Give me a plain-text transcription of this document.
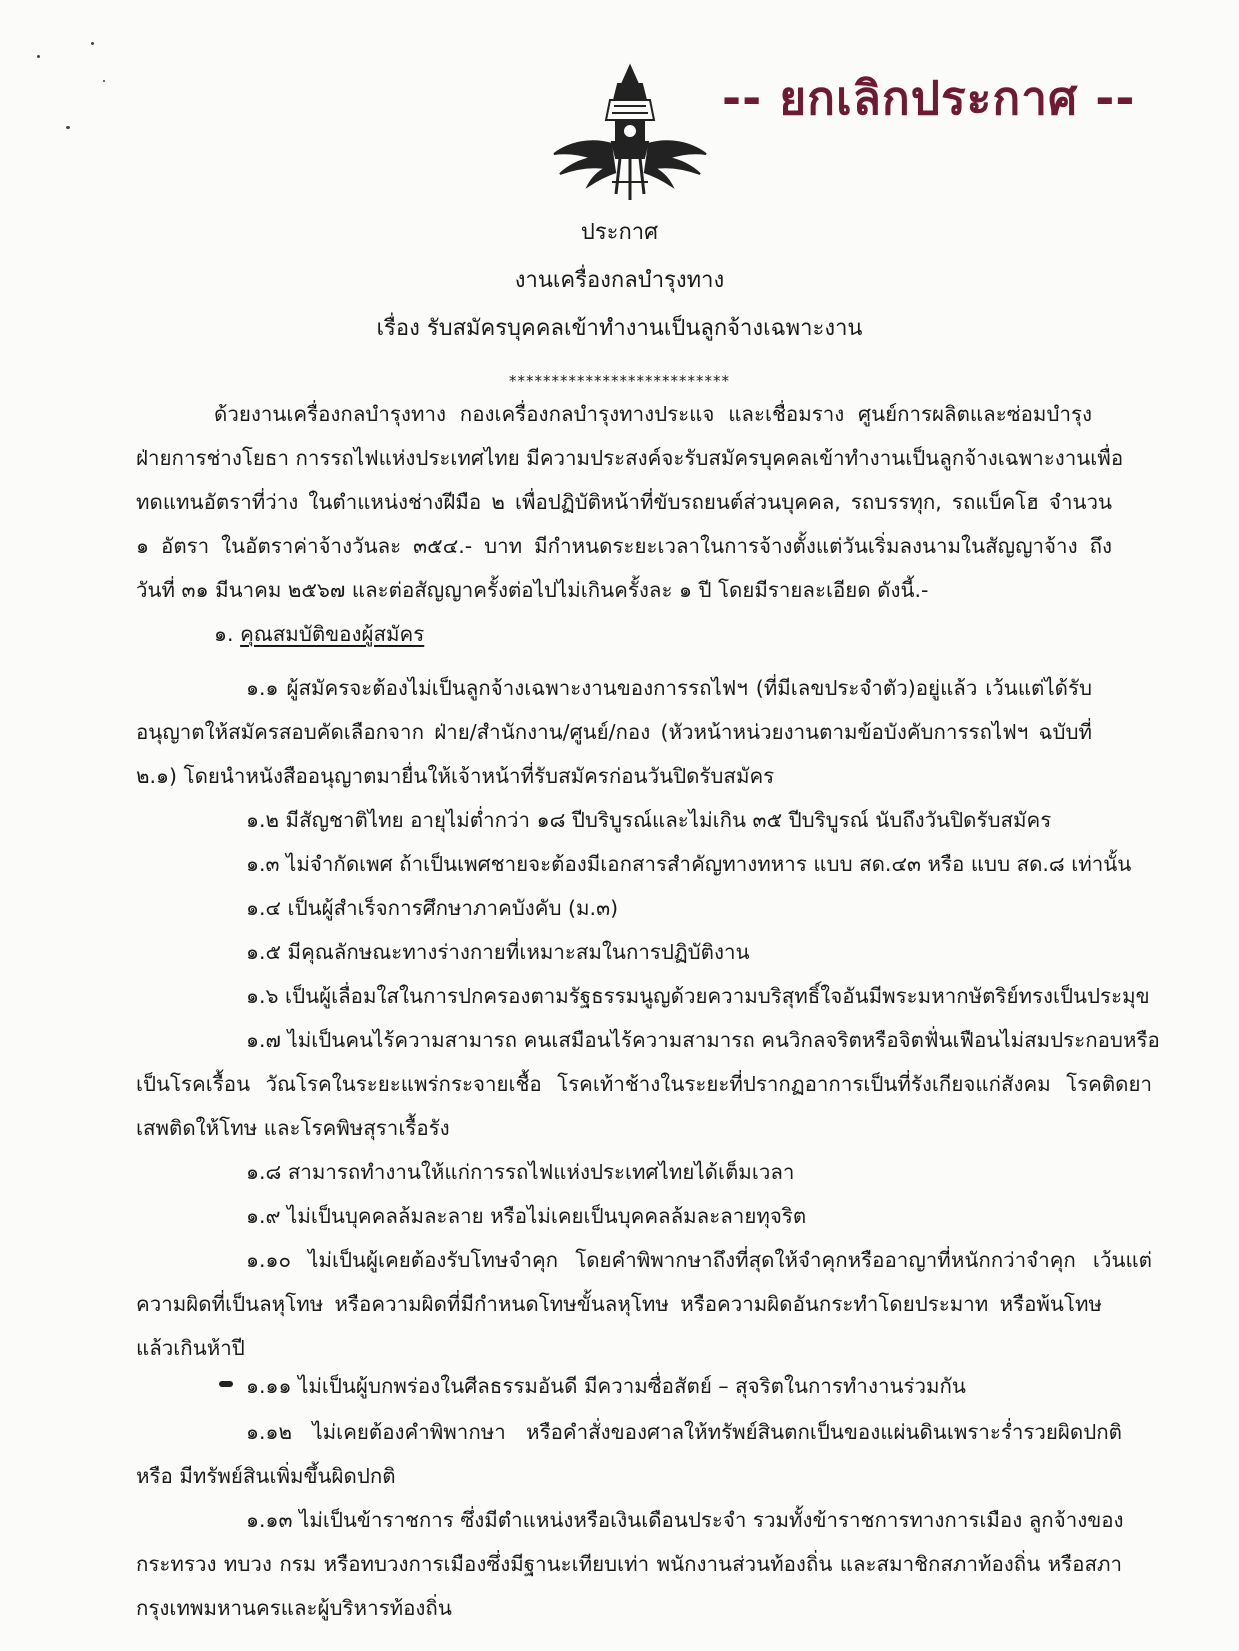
-- ยกเลิกประกาศ --
ประกาศ
งานเครื่องกลบำรุงทาง
เรื่อง รับสมัครบุคคลเข้าทำงานเป็นลูกจ้างเฉพาะงาน
**************************
ด้วยงานเครื่องกลบำรุงทาง กองเครื่องกลบำรุงทางประแจ และเชื่อมราง ศูนย์การผลิตและซ่อมบำรุง
ฝ่ายการช่างโยธา การรถไฟแห่งประเทศไทย มีความประสงค์จะรับสมัครบุคคลเข้าทำงานเป็นลูกจ้างเฉพาะงานเพื่อ
ทดแทนอัตราที่ว่าง ในตำแหน่งช่างฝีมือ ๒ เพื่อปฏิบัติหน้าที่ขับรถยนต์ส่วนบุคคล, รถบรรทุก, รถแบ็คโฮ จำนวน
๑ อัตรา ในอัตราค่าจ้างวันละ ๓๕๔.- บาท มีกำหนดระยะเวลาในการจ้างตั้งแต่วันเริ่มลงนามในสัญญาจ้าง ถึง
วันที่ ๓๑ มีนาคม ๒๕๖๗ และต่อสัญญาครั้งต่อไปไม่เกินครั้งละ ๑ ปี โดยมีรายละเอียด ดังนี้.-
๑. คุณสมบัติของผู้สมัคร
๑.๑ ผู้สมัครจะต้องไม่เป็นลูกจ้างเฉพาะงานของการรถไฟฯ (ที่มีเลขประจำตัว)อยู่แล้ว เว้นแต่ได้รับ
อนุญาตให้สมัครสอบคัดเลือกจาก ฝ่าย/สำนักงาน/ศูนย์/กอง (หัวหน้าหน่วยงานตามข้อบังคับการรถไฟฯ ฉบับที่
๒.๑) โดยนำหนังสืออนุญาตมายื่นให้เจ้าหน้าที่รับสมัครก่อนวันปิดรับสมัคร
๑.๒ มีสัญชาติไทย อายุไม่ต่ำกว่า ๑๘ ปีบริบูรณ์และไม่เกิน ๓๕ ปีบริบูรณ์ นับถึงวันปิดรับสมัคร
๑.๓ ไม่จำกัดเพศ ถ้าเป็นเพศชายจะต้องมีเอกสารสำคัญทางทหาร แบบ สด.๔๓ หรือ แบบ สด.๘ เท่านั้น
๑.๔ เป็นผู้สำเร็จการศึกษาภาคบังคับ (ม.๓)
๑.๕ มีคุณลักษณะทางร่างกายที่เหมาะสมในการปฏิบัติงาน
๑.๖ เป็นผู้เลื่อมใสในการปกครองตามรัฐธรรมนูญด้วยความบริสุทธิ์ใจอันมีพระมหากษัตริย์ทรงเป็นประมุข
๑.๗ ไม่เป็นคนไร้ความสามารถ คนเสมือนไร้ความสามารถ คนวิกลจริตหรือจิตฟั่นเฟือนไม่สมประกอบหรือ
เป็นโรคเรื้อน วัณโรคในระยะแพร่กระจายเชื้อ โรคเท้าช้างในระยะที่ปรากฏอาการเป็นที่รังเกียจแก่สังคม โรคติดยา
เสพติดให้โทษ และโรคพิษสุราเรื้อรัง
๑.๘ สามารถทำงานให้แก่การรถไฟแห่งประเทศไทยได้เต็มเวลา
๑.๙ ไม่เป็นบุคคลล้มละลาย หรือไม่เคยเป็นบุคคลล้มละลายทุจริต
๑.๑๐ ไม่เป็นผู้เคยต้องรับโทษจำคุก โดยคำพิพากษาถึงที่สุดให้จำคุกหรืออาญาที่หนักกว่าจำคุก เว้นแต่
ความผิดที่เป็นลหุโทษ หรือความผิดที่มีกำหนดโทษขั้นลหุโทษ หรือความผิดอันกระทำโดยประมาท หรือพ้นโทษ
แล้วเกินห้าปี
๑.๑๑ ไม่เป็นผู้บกพร่องในศีลธรรมอันดี มีความซื่อสัตย์ – สุจริตในการทำงานร่วมกัน
๑.๑๒ ไม่เคยต้องคำพิพากษา หรือคำสั่งของศาลให้ทรัพย์สินตกเป็นของแผ่นดินเพราะร่ำรวยผิดปกติ
หรือ มีทรัพย์สินเพิ่มขึ้นผิดปกติ
๑.๑๓ ไม่เป็นข้าราชการ ซึ่งมีตำแหน่งหรือเงินเดือนประจำ รวมทั้งข้าราชการทางการเมือง ลูกจ้างของ
กระทรวง ทบวง กรม หรือทบวงการเมืองซึ่งมีฐานะเทียบเท่า พนักงานส่วนท้องถิ่น และสมาชิกสภาท้องถิ่น หรือสภา
กรุงเทพมหานครและผู้บริหารท้องถิ่น
